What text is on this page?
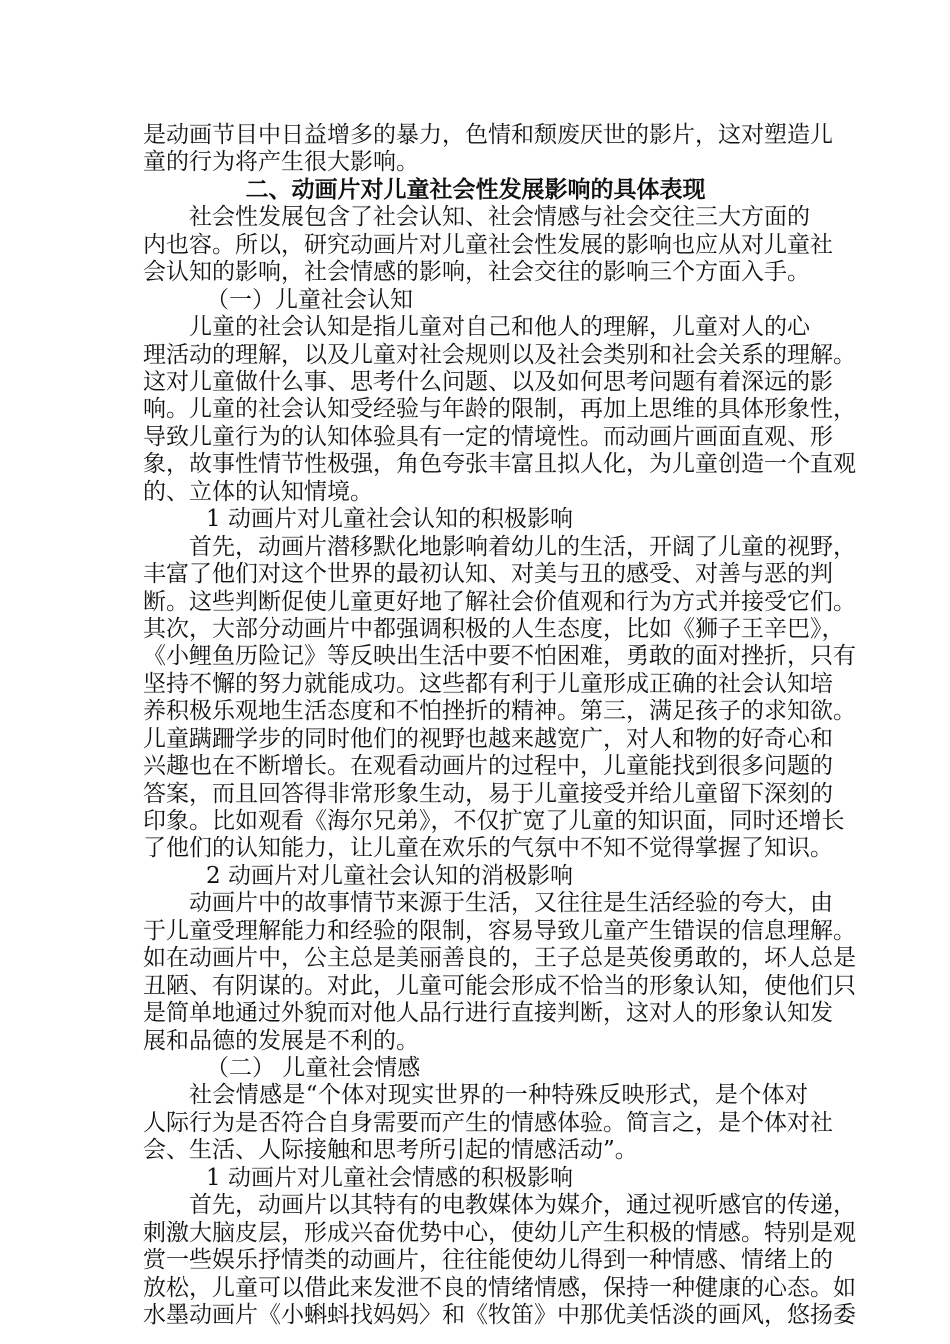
是动画节目中日益增多的暴力，色情和颓废厌世的影片，这对塑造儿
童的行为将产生很大影响。
二、动画片对儿童社会性发展影响的具体表现
社会性发展包含了社会认知、社会情感与社会交往三大方面的
内也容。所以，研究动画片对儿童社会性发展的影响也应从对儿童社
会认知的影响，社会情感的影响，社会交往的影响三个方面入手。
（一）儿童社会认知
儿童的社会认知是指儿童对自己和他人的理解，儿童对人的心
理活动的理解，以及儿童对社会规则以及社会类别和社会关系的理解。
这对儿童做什么事、思考什么问题、以及如何思考问题有着深远的影
响。儿童的社会认知受经验与年龄的限制，再加上思维的具体形象性，
导致儿童行为的认知体验具有一定的情境性。而动画片画面直观、形
象，故事性情节性极强，角色夸张丰富且拟人化，为儿童创造一个直观
的、立体的认知情境。
1 动画片对儿童社会认知的积极影响
首先，动画片潜移默化地影响着幼儿的生活，开阔了儿童的视野，
丰富了他们对这个世界的最初认知、对美与丑的感受、对善与恶的判
断。这些判断促使儿童更好地了解社会价值观和行为方式并接受它们。
其次，大部分动画片中都强调积极的人生态度，比如《狮子王辛巴》，
《小鲤鱼历险记》等反映出生活中要不怕困难，勇敢的面对挫折，只有
坚持不懈的努力就能成功。这些都有利于儿童形成正确的社会认知培
养积极乐观地生活态度和不怕挫折的精神。第三，满足孩子的求知欲。
儿童蹒跚学步的同时他们的视野也越来越宽广，对人和物的好奇心和
兴趣也在不断增长。在观看动画片的过程中，儿童能找到很多问题的
答案，而且回答得非常形象生动，易于儿童接受并给儿童留下深刻的
印象。比如观看《海尔兄弟》，不仅扩宽了儿童的知识面，同时还增长
了他们的认知能力，让儿童在欢乐的气氛中不知不觉得掌握了知识。
2 动画片对儿童社会认知的消极影响
动画片中的故事情节来源于生活，又往往是生活经验的夸大，由
于儿童受理解能力和经验的限制，容易导致儿童产生错误的信息理解。
如在动画片中，公主总是美丽善良的，王子总是英俊勇敢的，坏人总是
丑陋、有阴谋的。对此，儿童可能会形成不恰当的形象认知，使他们只
是简单地通过外貌而对他人品行进行直接判断，这对人的形象认知发
展和品德的发展是不利的。
（二） 儿童社会情感
社会情感是“个体对现实世界的一种特殊反映形式，是个体对
人际行为是否符合自身需要而产生的情感体验。简言之，是个体对社
会、生活、人际接触和思考所引起的情感活动”。
1 动画片对儿童社会情感的积极影响
首先，动画片以其特有的电教媒体为媒介，通过视听感官的传递，
刺激大脑皮层，形成兴奋优势中心，使幼儿产生积极的情感。特别是观
赏一些娱乐抒情类的动画片，往往能使幼儿得到一种情感、情绪上的
放松，儿童可以借此来发泄不良的情绪情感，保持一种健康的心态。如
水墨动画片《小蝌蚪找妈妈〉和《牧笛》中那优美恬淡的画风，悠扬委
